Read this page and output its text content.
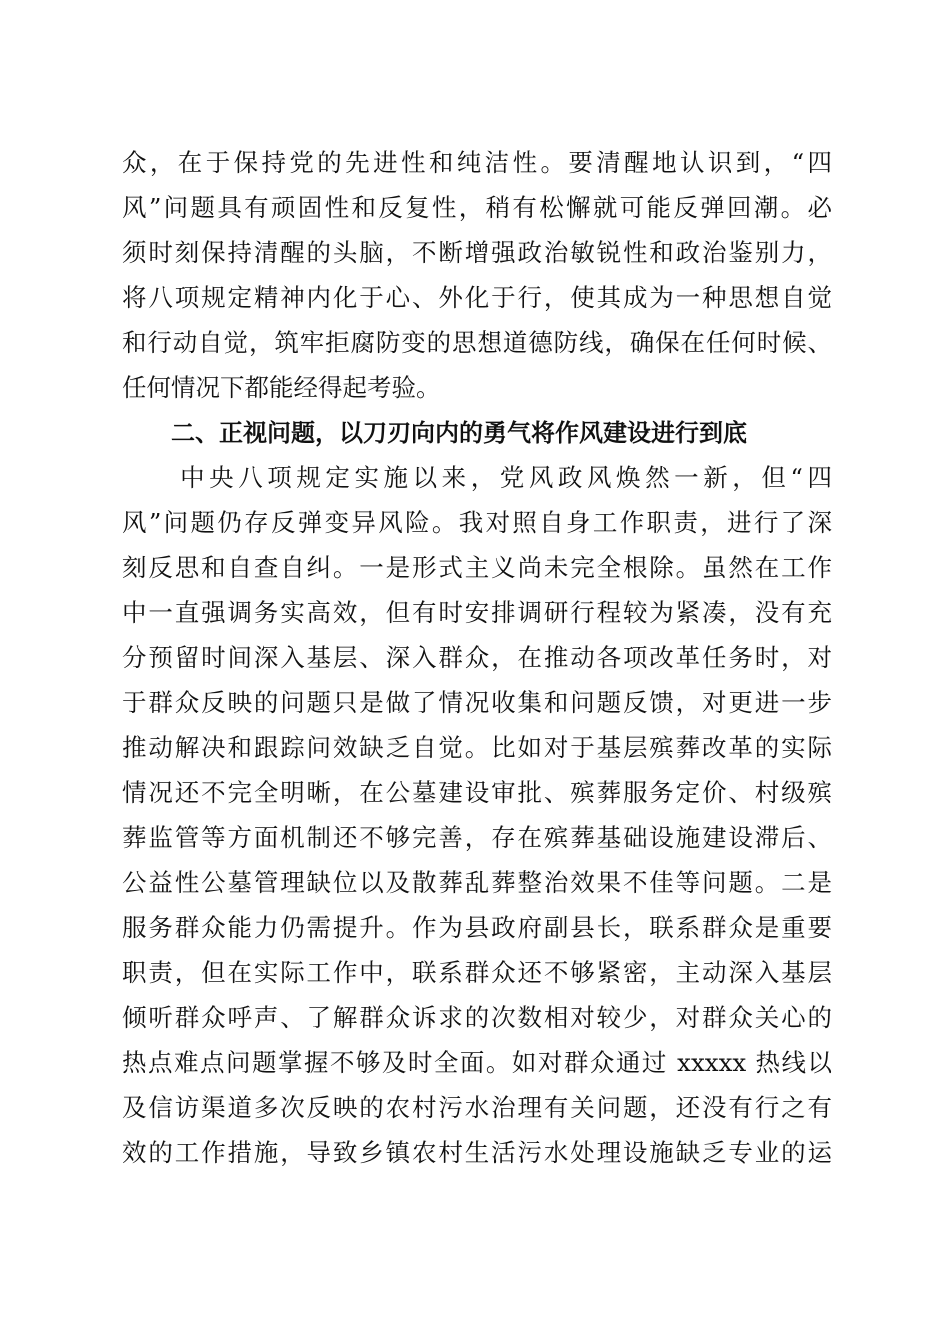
众，在于保持党的先进性和纯洁性。要清醒地认识到，“四
风”问题具有顽固性和反复性，稍有松懈就可能反弹回潮。必
须时刻保持清醒的头脑，不断增强政治敏锐性和政治鉴别力，
将八项规定精神内化于心、外化于行，使其成为一种思想自觉
和行动自觉，筑牢拒腐防变的思想道德防线，确保在任何时候、
任何情况下都能经得起考验。
二、正视问题，以刀刃向内的勇气将作风建设进行到底
　　中央八项规定实施以来，党风政风焕然一新，但“四
风”问题仍存反弹变异风险。我对照自身工作职责，进行了深
刻反思和自查自纠。一是形式主义尚未完全根除。虽然在工作
中一直强调务实高效，但有时安排调研行程较为紧凑，没有充
分预留时间深入基层、深入群众，在推动各项改革任务时，对
于群众反映的问题只是做了情况收集和问题反馈，对更进一步
推动解决和跟踪问效缺乏自觉。比如对于基层殡葬改革的实际
情况还不完全明晰，在公墓建设审批、殡葬服务定价、村级殡
葬监管等方面机制还不够完善，存在殡葬基础设施建设滞后、
公益性公墓管理缺位以及散葬乱葬整治效果不佳等问题。二是
服务群众能力仍需提升。作为县政府副县长，联系群众是重要
职责，但在实际工作中，联系群众还不够紧密，主动深入基层
倾听群众呼声、了解群众诉求的次数相对较少，对群众关心的
热点难点问题掌握不够及时全面。如对群众通过 xxxxx 热线以
及信访渠道多次反映的农村污水治理有关问题，还没有行之有
效的工作措施，导致乡镇农村生活污水处理设施缺乏专业的运
